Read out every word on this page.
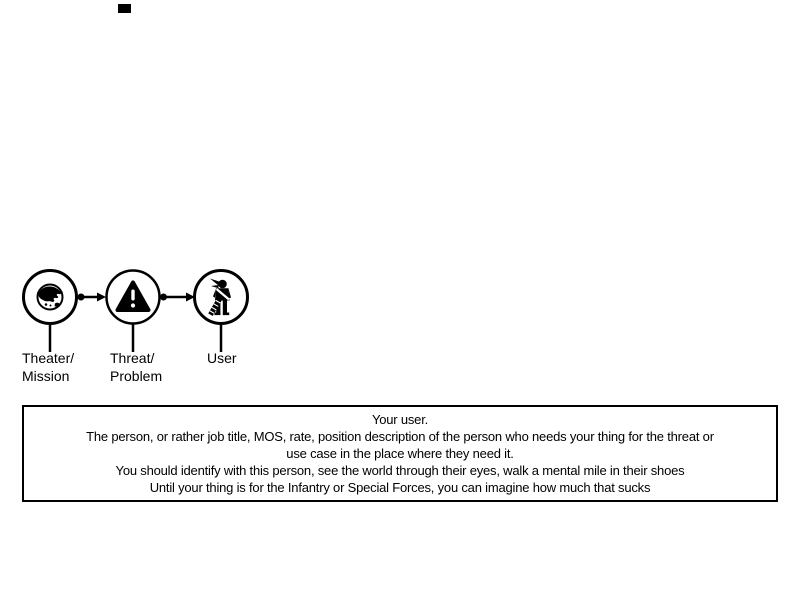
Theater/
Mission
Threat/
Problem
User
Your user.
The person, or rather job title, MOS, rate, position description of the person who needs your thing for the threat or
use case in the place where they need it.
You should identify with this person, see the world through their eyes, walk a mental mile in their shoes
Until your thing is for the Infantry or Special Forces, you can imagine how much that sucks
